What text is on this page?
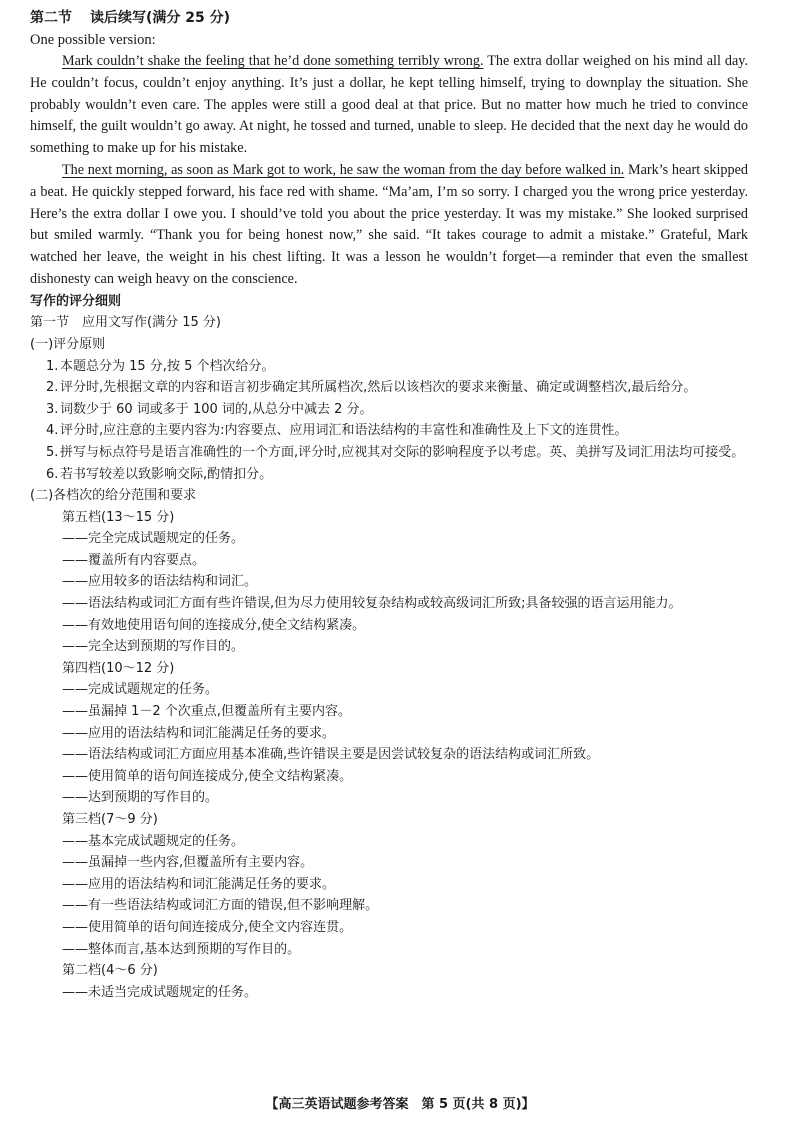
第二节 读后续写(满分 25 分)
One possible version:

Mark couldn’t shake the feeling that he’d done something terribly wrong. The extra dollar weighed on his mind all day. He couldn’t focus, couldn’t enjoy anything. It’s just a dollar, he kept telling himself, trying to downplay the situation. She probably wouldn’t even care. The apples were still a good deal at that price. But no matter how much he tried to convince himself, the guilt wouldn’t go away. At night, he tossed and turned, unable to sleep. He decided that the next day he would do something to make up for his mistake.

The next morning, as soon as Mark got to work, he saw the woman from the day before walked in. Mark’s heart skipped a beat. He quickly stepped forward, his face red with shame. “Ma’am, I’m so sorry. I charged you the wrong price yesterday. Here’s the extra dollar I owe you. I should’ve told you about the price yesterday. It was my mistake.” She looked surprised but smiled warmly. “Thank you for being honest now,” she said. “It takes courage to admit a mistake.” Grateful, Mark watched her leave, the weight in his chest lifting. It was a lesson he wouldn’t forget—a reminder that even the smallest dishonesty can weigh heavy on the conscience.

写作的评分细则
第一节　应用文写作(满分 15 分)
(一)评分原则
1. 本题总分为 15 分,按 5 个档次给分。
2. 评分时,先根据文章的内容和语言初步确定其所属档次,然后以该档次的要求来衡量、确定或调整档次,最后给分。
3. 词数少于 60 词或多于 100 词的,从总分中减去 2 分。
4. 评分时,应注意的主要内容为:内容要点、应用词汇和语法结构的丰富性和准确性及上下文的连贯性。
5. 拼写与标点符号是语言准确性的一个方面,评分时,应视其对交际的影响程度予以考虑。英、美拼写及词汇用法均可接受。
6. 若书写较差以致影响交际,酌情扣分。
(二)各档次的给分范围和要求
第五档(13～15 分)
——完全完成试题规定的任务。
——覆盖所有内容要点。
——应用较多的语法结构和词汇。
——语法结构或词汇方面有些许错误,但为尽力使用较复杂结构或较高级词汇所致;具备较强的语言运用能力。
——有效地使用语句间的连接成分,使全文结构紧凑。
——完全达到预期的写作目的。
第四档(10～12 分)
——完成试题规定的任务。
——虽漏掉 1－2 个次重点,但覆盖所有主要内容。
——应用的语法结构和词汇能满足任务的要求。
——语法结构或词汇方面应用基本准确,些许错误主要是因尝试较复杂的语法结构或词汇所致。
——使用简单的语句间连接成分,使全文结构紧凑。
——达到预期的写作目的。
第三档(7～9 分)
——基本完成试题规定的任务。
——虽漏掉一些内容,但覆盖所有主要内容。
——应用的语法结构和词汇能满足任务的要求。
——有一些语法结构或词汇方面的错误,但不影响理解。
——使用简单的语句间连接成分,使全文内容连贯。
——整体而言,基本达到预期的写作目的。
第二档(4～6 分)
——未适当完成试题规定的任务。
【高三英语试题参考答案　第 5 页(共 8 页)】
